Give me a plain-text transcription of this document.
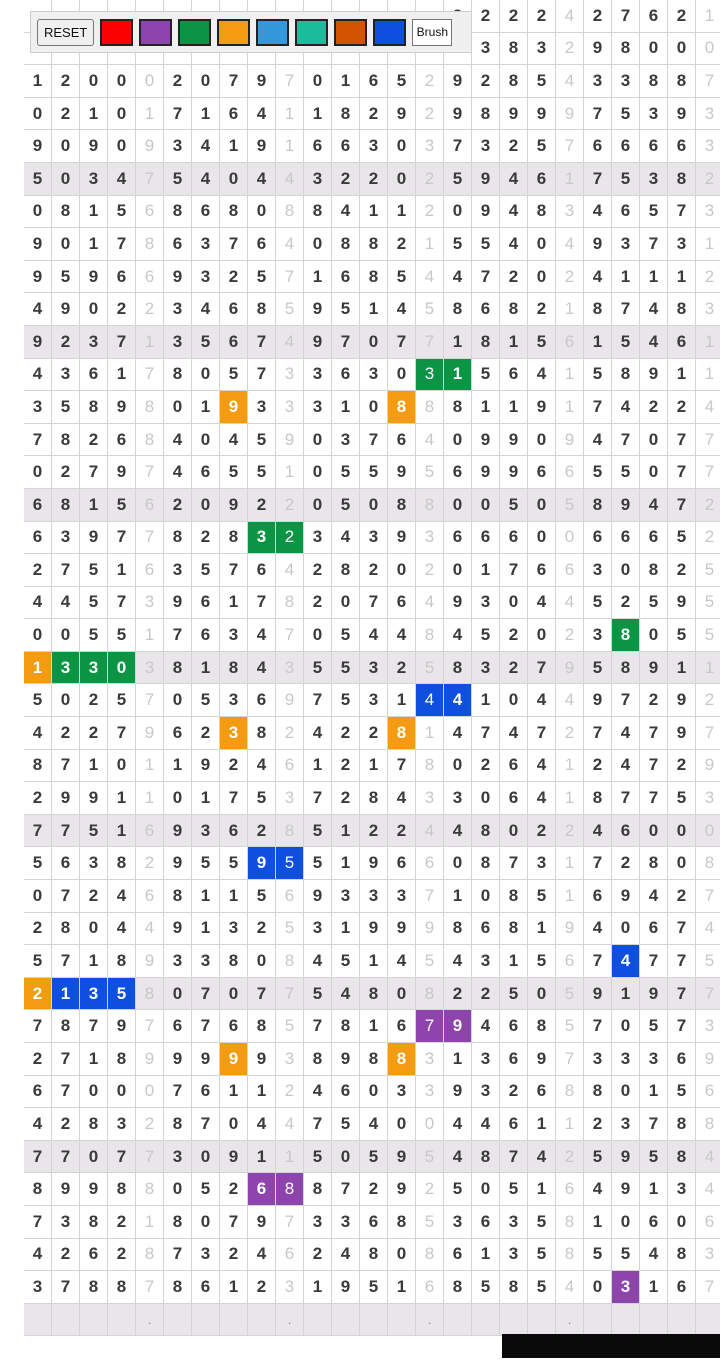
2	2	2	4	2	7	6	2	1
3	8	3	2	9	8	0	0	0
1	2	0	0	0	2	0	7	9	7	0	1	6	5	2	9	2	8	5	4	3	3	8	8	7
0	2	1	0	1	7	1	6	4	1	1	8	2	9	2	9	8	9	9	9	7	5	3	9	3
9	0	9	0	9	3	4	1	9	1	6	6	3	0	3	7	3	2	5	7	6	6	6	6	3
5	0	3	4	7	5	4	0	4	4	3	2	2	0	2	5	9	4	6	1	7	5	3	8	2
0	8	1	5	6	8	6	8	0	8	8	4	1	1	2	0	9	4	8	3	4	6	5	7	3
9	0	1	7	8	6	3	7	6	4	0	8	8	2	1	5	5	4	0	4	9	3	7	3	1
9	5	9	6	6	9	3	2	5	7	1	6	8	5	4	4	7	2	0	2	4	1	1	1	2
4	9	0	2	2	3	4	6	8	5	9	5	1	4	5	8	6	8	2	1	8	7	4	8	3
9	2	3	7	1	3	5	6	7	4	9	7	0	7	7	1	8	1	5	6	1	5	4	6	1
4	3	6	1	7	8	0	5	7	3	3	6	3	0	3	1	5	6	4	1	5	8	9	1	1
3	5	8	9	8	0	1	9	3	3	3	1	0	8	8	8	1	1	9	1	7	4	2	2	4
7	8	2	6	8	4	0	4	5	9	0	3	7	6	4	0	9	9	0	9	4	7	0	7	7
0	2	7	9	7	4	6	5	5	1	0	5	5	9	5	6	9	9	6	6	5	5	0	7	7
6	8	1	5	6	2	0	9	2	2	0	5	0	8	8	0	0	5	0	5	8	9	4	7	2
6	3	9	7	7	8	2	8	3	2	3	4	3	9	3	6	6	6	0	0	6	6	6	5	2
2	7	5	1	6	3	5	7	6	4	2	8	2	0	2	0	1	7	6	6	3	0	8	2	5
4	4	5	7	3	9	6	1	7	8	2	0	7	6	4	9	3	0	4	4	5	2	5	9	5
0	0	5	5	1	7	6	3	4	7	0	5	4	4	8	4	5	2	0	2	3	8	0	5	5
1	3	3	0	3	8	1	8	4	3	5	5	3	2	5	8	3	2	7	9	5	8	9	1	1
5	0	2	5	7	0	5	3	6	9	7	5	3	1	4	4	1	0	4	4	9	7	2	9	2
4	2	2	7	9	6	2	3	8	2	4	2	2	8	1	4	7	4	7	2	7	4	7	9	7
8	7	1	0	1	1	9	2	4	6	1	2	1	7	8	0	2	6	4	1	2	4	7	2	9
2	9	9	1	1	0	1	7	5	3	7	2	8	4	3	3	0	6	4	1	8	7	7	5	3
7	7	5	1	6	9	3	6	2	8	5	1	2	2	4	4	8	0	2	2	4	6	0	0	0
5	6	3	8	2	9	5	5	9	5	5	1	9	6	6	0	8	7	3	1	7	2	8	0	8
0	7	2	4	6	8	1	1	5	6	9	3	3	3	7	1	0	8	5	1	6	9	4	2	7
2	8	0	4	4	9	1	3	2	5	3	1	9	9	9	8	6	8	1	9	4	0	6	7	4
5	7	1	8	9	3	3	8	0	8	4	5	1	4	5	4	3	1	5	6	7	4	7	7	5
2	1	3	5	8	0	7	0	7	7	5	4	8	0	8	2	2	5	0	5	9	1	9	7	7
7	8	7	9	7	6	7	6	8	5	7	8	1	6	7	9	4	6	8	5	7	0	5	7	3
2	7	1	8	9	9	9	9	9	3	8	9	8	8	3	1	3	6	9	7	3	3	3	6	9
6	7	0	0	0	7	6	1	1	2	4	6	0	3	3	9	3	2	6	8	8	0	1	5	6
4	2	8	3	2	8	7	0	4	4	7	5	4	0	0	4	4	6	1	1	2	3	7	8	8
7	7	0	7	7	3	0	9	1	1	5	0	5	9	5	4	8	7	4	2	5	9	5	8	4
8	9	9	8	8	0	5	2	6	8	8	7	2	9	2	5	0	5	1	6	4	9	1	3	4
7	3	8	2	1	8	0	7	9	7	3	3	6	8	5	3	6	3	5	8	1	0	6	0	6
4	2	6	2	8	7	3	2	4	6	2	4	8	0	8	6	1	3	5	8	5	5	4	8	3
3	7	8	8	7	8	6	1	2	3	1	9	5	1	6	8	5	8	5	4	0	3	1	6	7
.	.	.	.
RESET	Brush
